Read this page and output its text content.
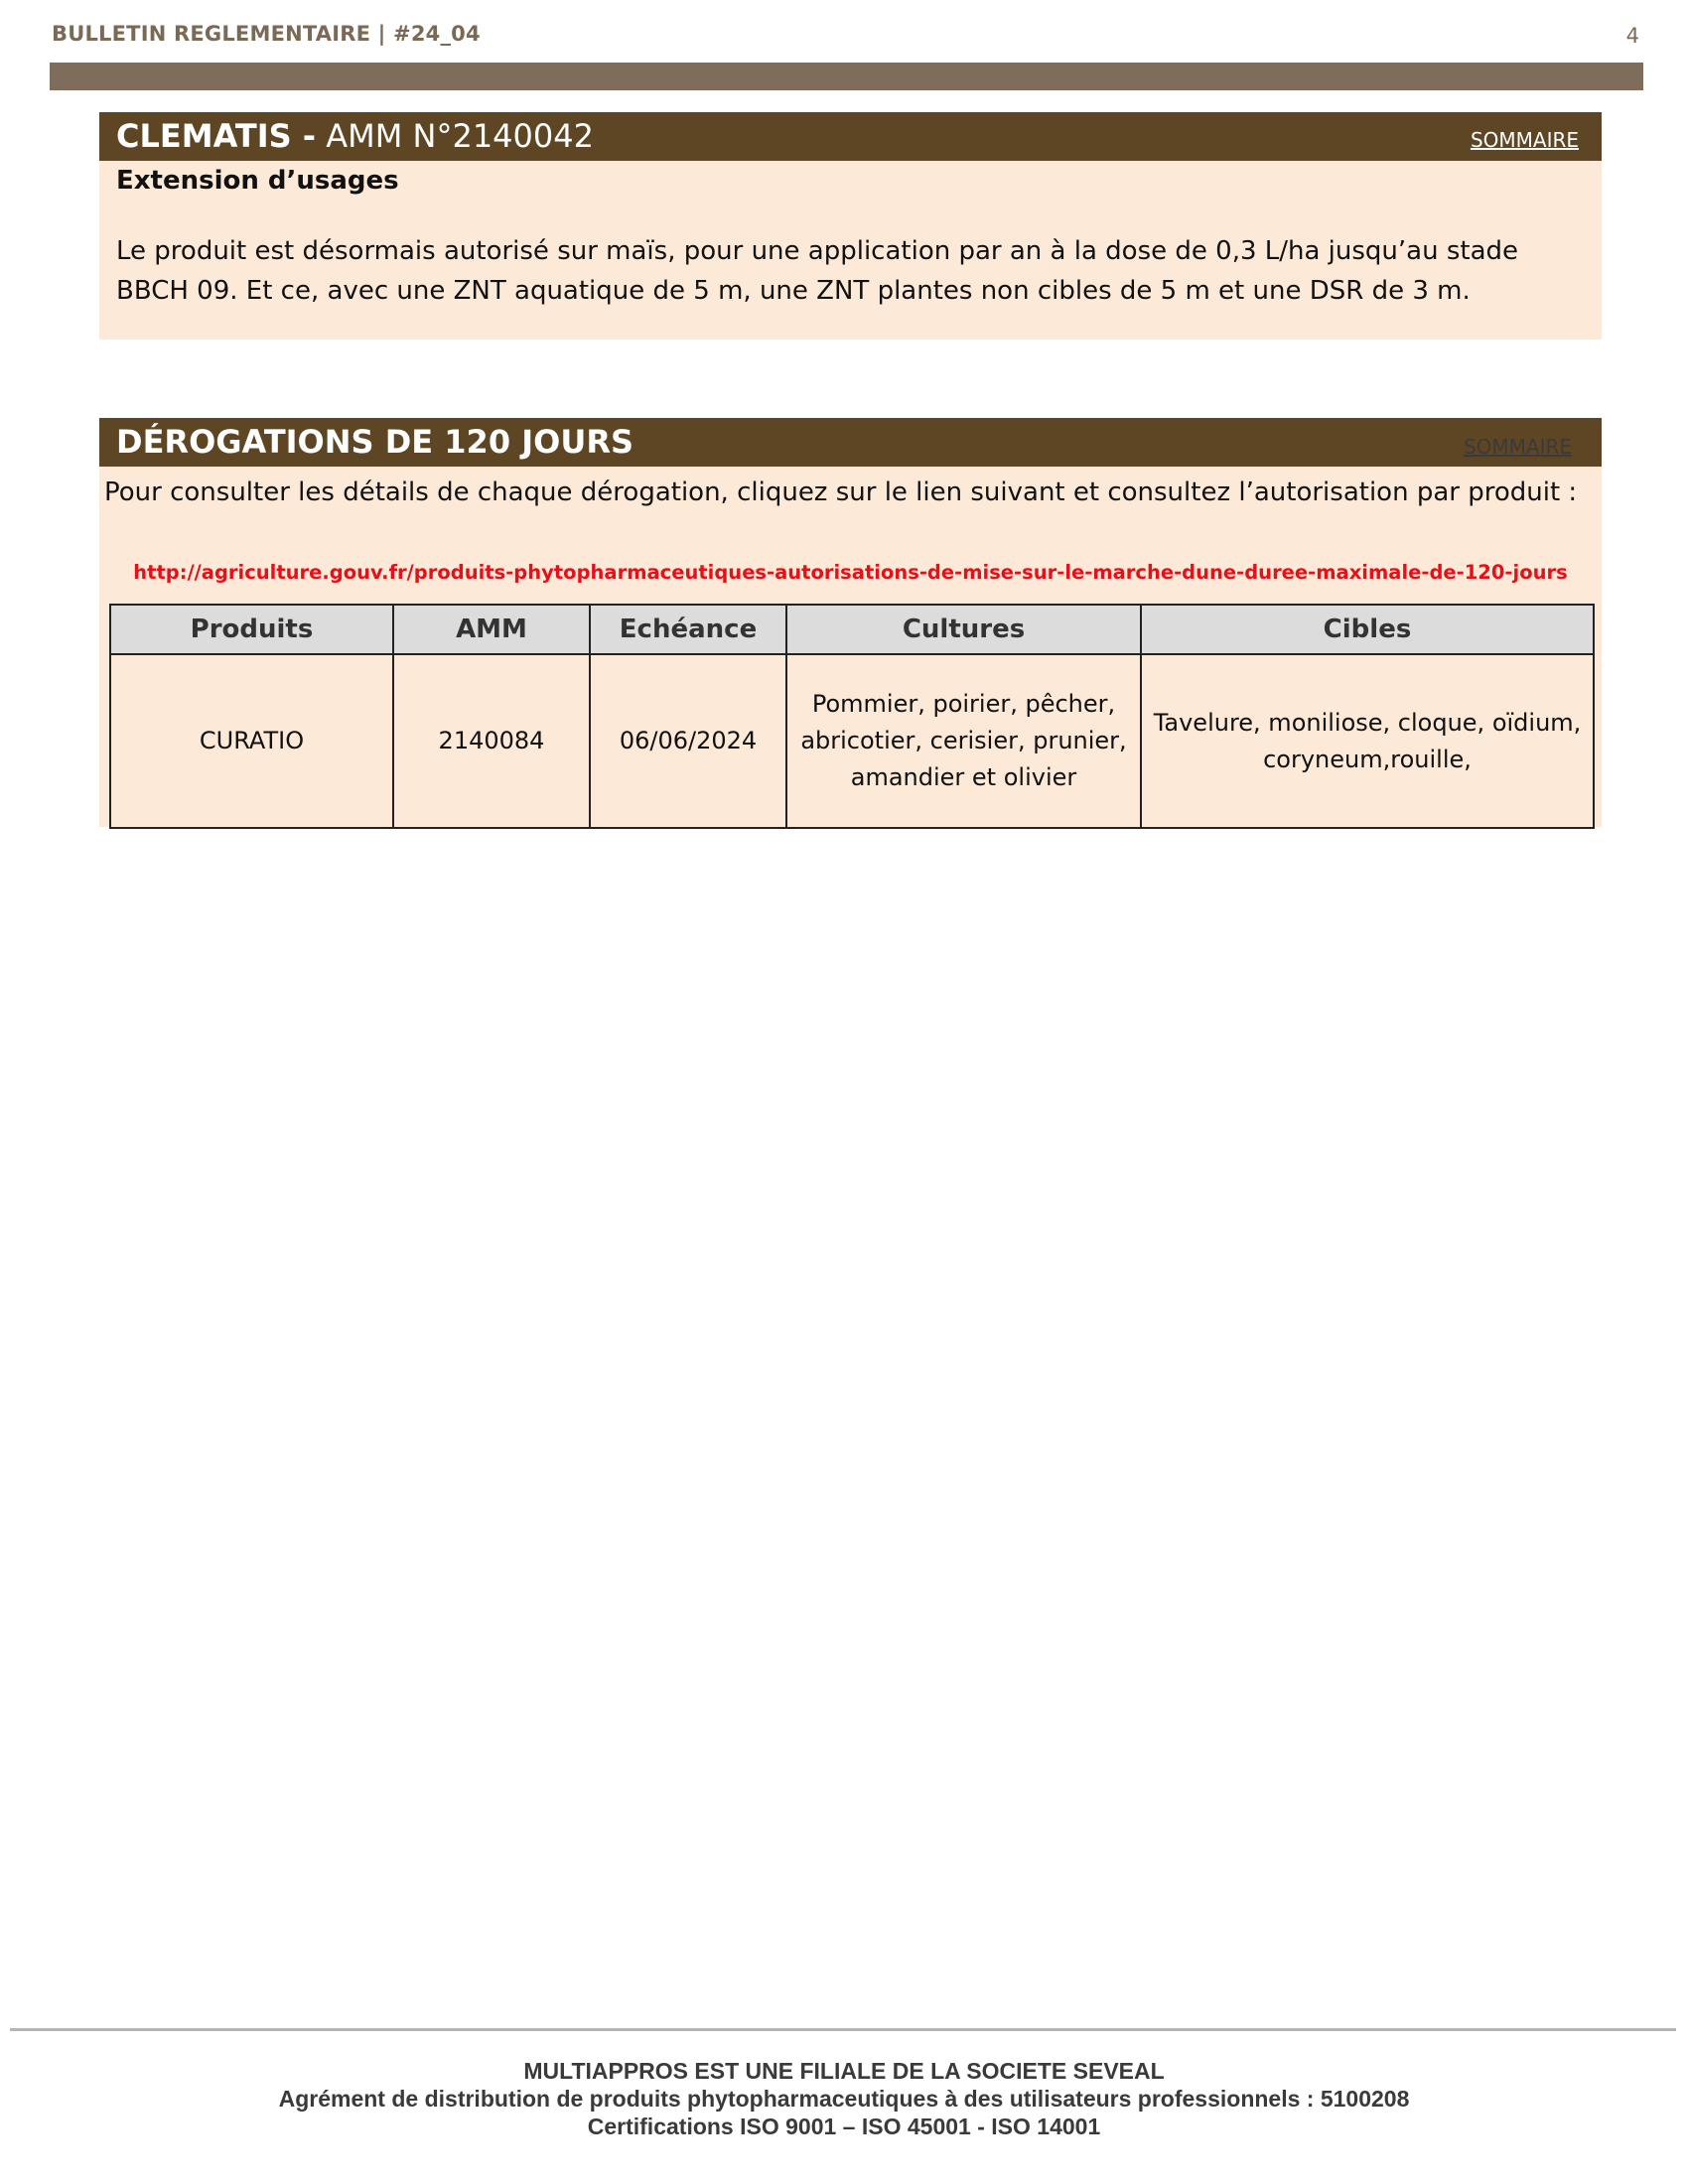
BULLETIN REGLEMENTAIRE | #24_04	4
CLEMATIS - AMM N°2140042	SOMMAIRE
Extension d’usages

Le produit est désormais autorisé sur maïs, pour une application par an à la dose de 0,3 L/ha jusqu’au stade BBCH 09. Et ce, avec une ZNT aquatique de 5 m, une ZNT plantes non cibles de 5 m et une DSR de 3 m.

DÉROGATIONS DE 120 JOURS	SOMMAIRE

Pour consulter les détails de chaque dérogation, cliquez sur le lien suivant et consultez l’autorisation par produit :

http://agriculture.gouv.fr/produits-phytopharmaceutiques-autorisations-de-mise-sur-le-marche-dune-duree-maximale-de-120-jours
Produits	AMM	Echéance	Cultures	Cibles
CURATIO	2140084	06/06/2024	Pommier, poirier, pêcher, abricotier, cerisier, prunier, amandier et olivier	Tavelure, moniliose, cloque, oïdium, coryneum,rouille,
MULTIAPPROS EST UNE FILIALE DE LA SOCIETE SEVEAL
Agrément de distribution de produits phytopharmaceutiques à des utilisateurs professionnels : 5100208
Certifications ISO 9001 – ISO 45001 - ISO 14001
